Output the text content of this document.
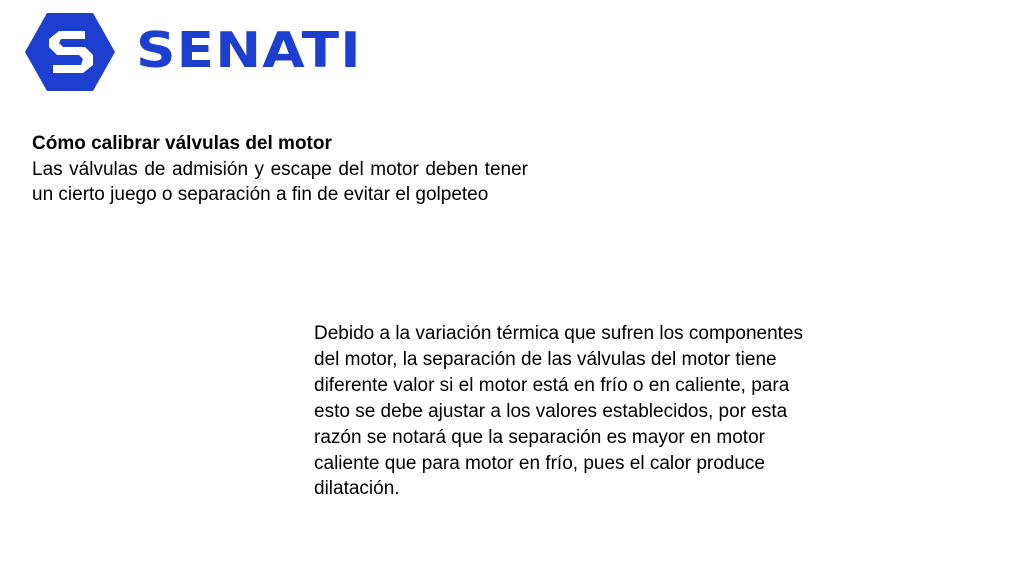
SENATI
Cómo calibrar válvulas del motor
Las válvulas de admisión y escape del motor deben tener un cierto juego o separación a fin de evitar el golpeteo
Debido a la variación térmica que sufren los componentes del motor, la separación de las válvulas del motor tiene diferente valor si el motor está en frío o en caliente, para esto se debe ajustar a los valores establecidos, por esta razón se notará que la separación es mayor en motor caliente que para motor en frío, pues el calor produce dilatación.
